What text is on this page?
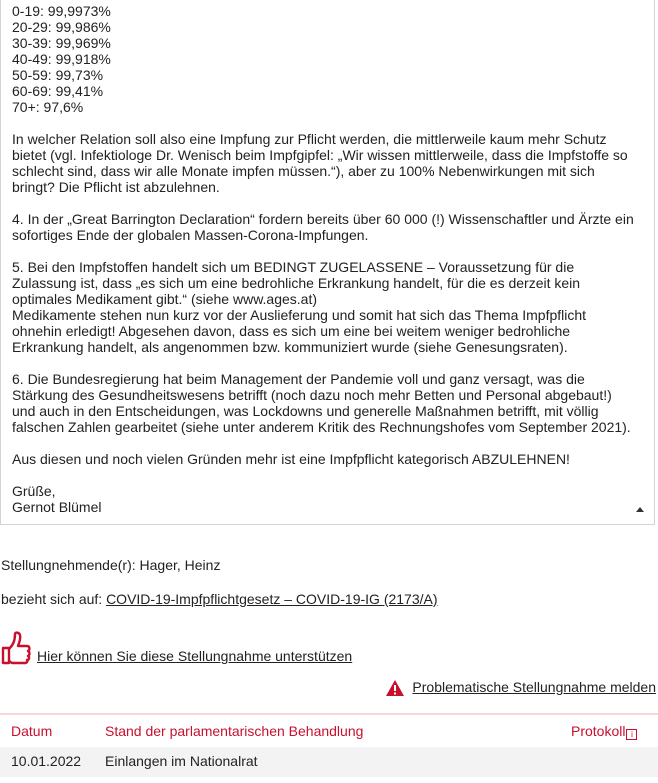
0-19: 99,9973%
20-29: 99,986%
30-39: 99,969%
40-49: 99,918%
50-59: 99,73%
60-69: 99,41%
70+: 97,6%
In welcher Relation soll also eine Impfung zur Pflicht werden, die mittlerweile kaum mehr Schutz
bietet (vgl. Infektiologe Dr. Wenisch beim Impfgipfel: „Wir wissen mittlerweile, dass die Impfstoffe so
schlecht sind, dass wir alle Monate impfen müssen.“), aber zu 100% Nebenwirkungen mit sich
bringt? Die Pflicht ist abzulehnen.
4. In der „Great Barrington Declaration“ fordern bereits über 60 000 (!) Wissenschaftler und Ärzte ein
sofortiges Ende der globalen Massen-Corona-Impfungen.
5. Bei den Impfstoffen handelt sich um BEDINGT ZUGELASSENE – Voraussetzung für die
Zulassung ist, dass „es sich um eine bedrohliche Erkrankung handelt, für die es derzeit kein
optimales Medikament gibt.“ (siehe www.ages.at)
Medikamente stehen nun kurz vor der Auslieferung und somit hat sich das Thema Impfpflicht
ohnehin erledigt! Abgesehen davon, dass es sich um eine bei weitem weniger bedrohliche
Erkrankung handelt, als angenommen bzw. kommuniziert wurde (siehe Genesungsraten).
6. Die Bundesregierung hat beim Management der Pandemie voll und ganz versagt, was die
Stärkung des Gesundheitswesens betrifft (noch dazu noch mehr Betten und Personal abgebaut!)
und auch in den Entscheidungen, was Lockdowns und generelle Maßnahmen betrifft, mit völlig
falschen Zahlen gearbeitet (siehe unter anderem Kritik des Rechnungshofes vom September 2021).
Aus diesen und noch vielen Gründen mehr ist eine Impfpflicht kategorisch ABZULEHNEN!
Grüße,
Gernot Blümel
Stellungnehmende(r): Hager, Heinz
bezieht sich auf: COVID-19-Impfpflichtgesetz – COVID-19-IG (2173/A)
Hier können Sie diese Stellungnahme unterstützen
Problematische Stellungnahme melden
Datum	Stand der parlamentarischen Behandlung	Protokoll i
10.01.2022 Einlangen im Nationalrat
